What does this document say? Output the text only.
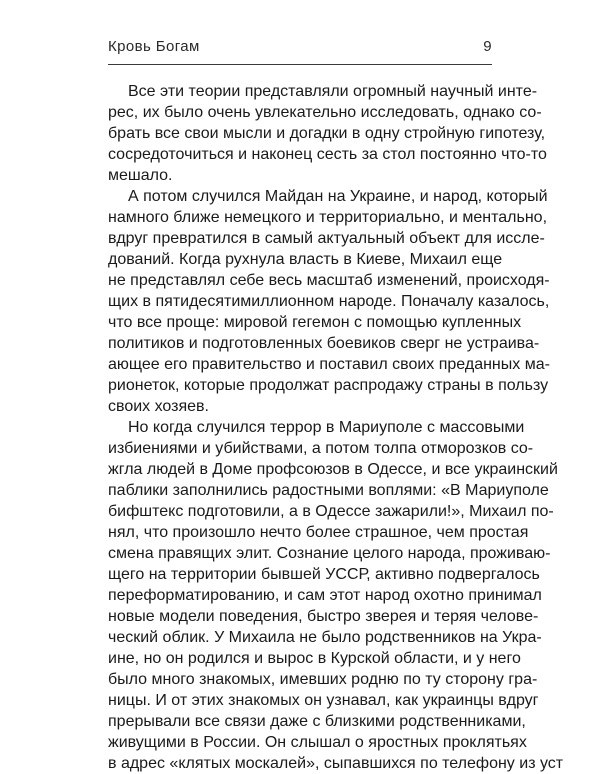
Кровь Богам	9
Все эти теории представляли огромный научный инте-
рес, их было очень увлекательно исследовать, однако со-
брать все свои мысли и догадки в одну стройную гипотезу,
сосредоточиться и наконец сесть за стол постоянно что-то
мешало.
А потом случился Майдан на Украине, и народ, который
намного ближе немецкого и территориально, и ментально,
вдруг превратился в самый актуальный объект для иссле-
дований. Когда рухнула власть в Киеве, Михаил еще
не представлял себе весь масштаб изменений, происходя-
щих в пятидесятимиллионном народе. Поначалу казалось,
что все проще: мировой гегемон с помощью купленных
политиков и подготовленных боевиков сверг не устраива-
ающее его правительство и поставил своих преданных ма-
рионеток, которые продолжат распродажу страны в пользу
своих хозяев.
Но когда случился террор в Мариуполе с массовыми
избиениями и убийствами, а потом толпа отморозков со-
жгла людей в Доме профсоюзов в Одессе, и все украинский
паблики заполнились радостными воплями: «В Мариуполе
бифштекс подготовили, а в Одессе зажарили!», Михаил по-
нял, что произошло нечто более страшное, чем простая
смена правящих элит. Сознание целого народа, проживаю-
щего на территории бывшей УССР, активно подвергалось
переформатированию, и сам этот народ охотно принимал
новые модели поведения, быстро зверея и теряя челове-
ческий облик. У Михаила не было родственников на Укра-
ине, но он родился и вырос в Курской области, и у него
было много знакомых, имевших родню по ту сторону гра-
ницы. И от этих знакомых он узнавал, как украинцы вдруг
прерывали все связи даже с близкими родственниками,
живущими в России. Он слышал о яростных проклятьях
в адрес «клятых москалей», сыпавшихся по телефону из уст
